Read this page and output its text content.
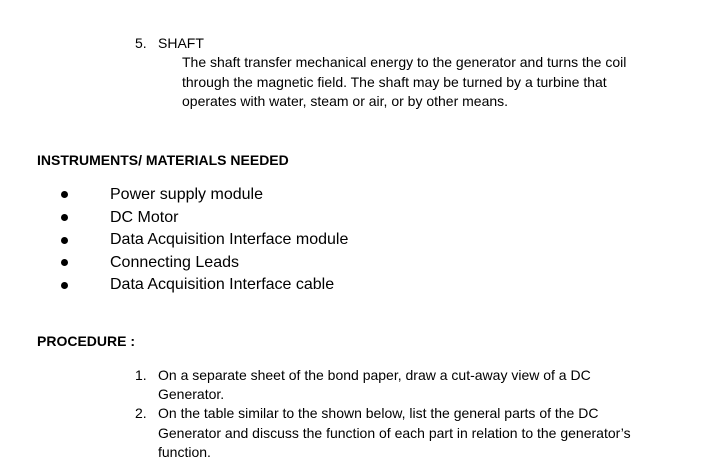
5. SHAFT
The shaft transfer mechanical energy to the generator and turns the coil
through the magnetic field. The shaft may be turned by a turbine that
operates with water, steam or air, or by other means.
INSTRUMENTS/ MATERIALS NEEDED
Power supply module
DC Motor
Data Acquisition Interface module
Connecting Leads
Data Acquisition Interface cable
PROCEDURE :
1. On a separate sheet of the bond paper, draw a cut-away view of a DC
Generator.
2. On the table similar to the shown below, list the general parts of the DC
Generator and discuss the function of each part in relation to the generator’s
function.
